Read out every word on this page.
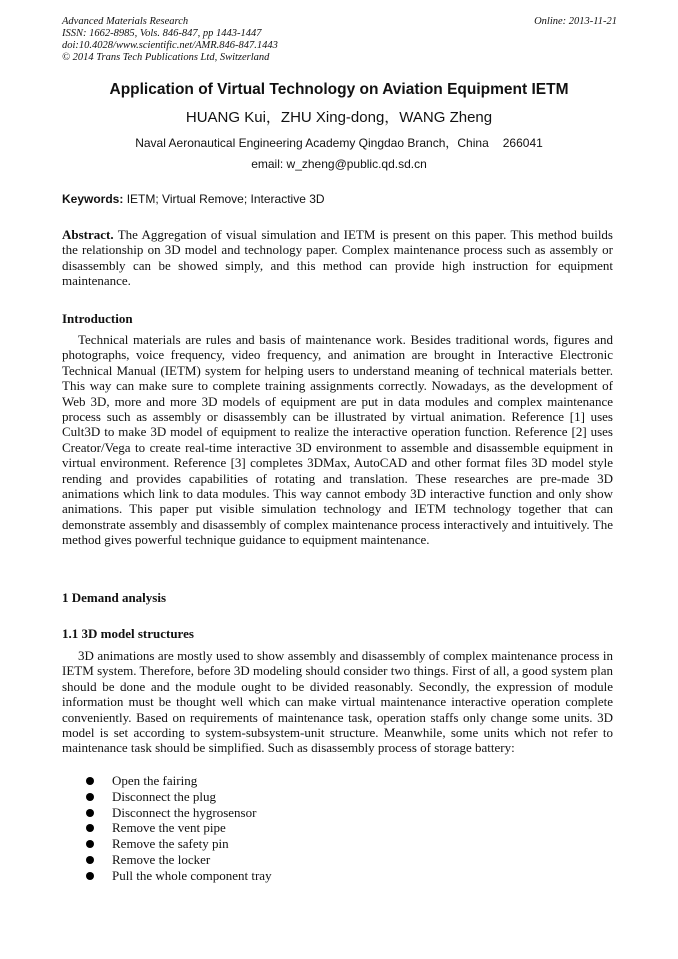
Advanced Materials Research
ISSN: 1662-8985, Vols. 846-847, pp 1443-1447
doi:10.4028/www.scientific.net/AMR.846-847.1443
© 2014 Trans Tech Publications Ltd, Switzerland
Online: 2013-11-21
Application of Virtual Technology on Aviation Equipment IETM
HUANG Kui，ZHU Xing-dong，WANG Zheng
Naval Aeronautical Engineering Academy Qingdao Branch，China 266041
email: w_zheng@public.qd.sd.cn
Keywords: IETM; Virtual Remove; Interactive 3D
Abstract. The Aggregation of visual simulation and IETM is present on this paper. This method builds the relationship on 3D model and technology paper. Complex maintenance process such as assembly or disassembly can be showed simply, and this method can provide high instruction for equipment maintenance.
Introduction
Technical materials are rules and basis of maintenance work. Besides traditional words, figures and photographs, voice frequency, video frequency, and animation are brought in Interactive Electronic Technical Manual (IETM) system for helping users to understand meaning of technical materials better. This way can make sure to complete training assignments correctly. Nowadays, as the development of Web 3D, more and more 3D models of equipment are put in data modules and complex maintenance process such as assembly or disassembly can be illustrated by virtual animation. Reference [1] uses Cult3D to make 3D model of equipment to realize the interactive operation function. Reference [2] uses Creator/Vega to create real-time interactive 3D environment to assemble and disassemble equipment in virtual environment. Reference [3] completes 3DMax, AutoCAD and other format files 3D model style rending and provides capabilities of rotating and translation. These researches are pre-made 3D animations which link to data modules. This way cannot embody 3D interactive function and only show animations. This paper put visible simulation technology and IETM technology together that can demonstrate assembly and disassembly of complex maintenance process interactively and intuitively. The method gives powerful technique guidance to equipment maintenance.
1 Demand analysis
1.1 3D model structures
3D animations are mostly used to show assembly and disassembly of complex maintenance process in IETM system. Therefore, before 3D modeling should consider two things. First of all, a good system plan should be done and the module ought to be divided reasonably. Secondly, the expression of module information must be thought well which can make virtual maintenance interactive operation complete conveniently. Based on requirements of maintenance task, operation staffs only change some units. 3D model is set according to system-subsystem-unit structure. Meanwhile, some units which not refer to maintenance task should be simplified. Such as disassembly process of storage battery:
Open the fairing
Disconnect the plug
Disconnect the hygrosensor
Remove the vent pipe
Remove the safety pin
Remove the locker
Pull the whole component tray
